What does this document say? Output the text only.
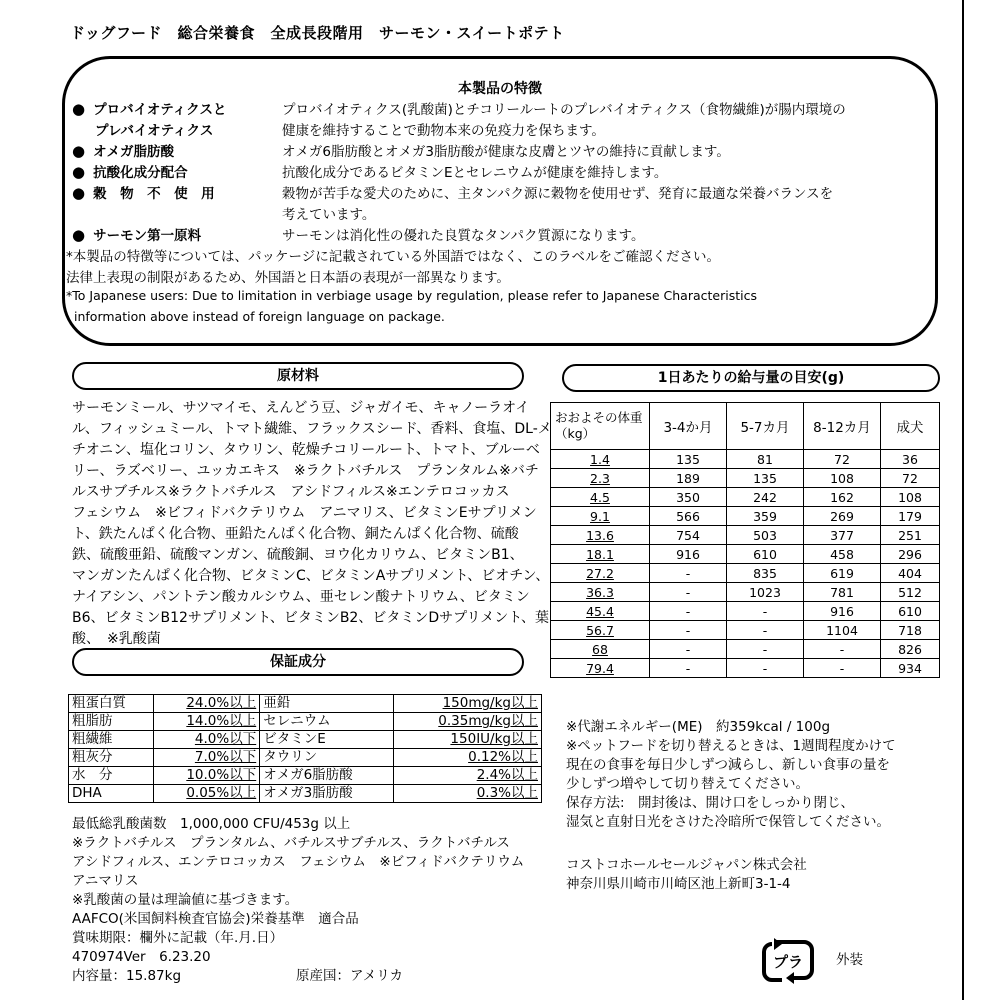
ドッグフード　総合栄養食　全成長段階用　サーモン・スイートポテト
本製品の特徴
● プロバイオティクスと	プロバイオティクス(乳酸菌)とチコリールートのプレバイオティクス（食物繊維)が腸内環境の
プレバイオティクス	健康を維持することで動物本来の免疫力を保ちます。
● オメガ脂肪酸	オメガ6脂肪酸とオメガ3脂肪酸が健康な皮膚とツヤの維持に貢献します。
● 抗酸化成分配合	抗酸化成分であるビタミンEとセレニウムが健康を維持します。
● 穀　物　不　使　用	穀物が苦手な愛犬のために、主タンパク源に穀物を使用せず、発育に最適な栄養バランスを
考えています。
● サーモン第一原料	サーモンは消化性の優れた良質なタンパク質源になります。
*本製品の特徴等については、パッケージに記載されている外国語ではなく、このラベルをご確認ください。
法律上表現の制限があるため、外国語と日本語の表現が一部異なります。
*To Japanese users: Due to limitation in verbiage usage by regulation, please refer to Japanese Characteristics
information above instead of foreign language on package.
原材料

サーモンミール、サツマイモ、えんどう豆、ジャガイモ、キャノーラオイ

ル、フィッシュミール、トマト繊維、フラックスシード、香料、食塩、DL-メ

チオニン、塩化コリン、タウリン、乾燥チコリールート、トマト、ブルーベ

リー、ラズベリー、ユッカエキス　※ラクトバチルス　プランタルム※バチ

ルスサブチルス※ラクトバチルス　アシドフィルス※エンテロコッカス

フェシウム　※ビフィドバクテリウム　アニマリス、ビタミンEサプリメン

ト、鉄たんぱく化合物、亜鉛たんぱく化合物、銅たんぱく化合物、硫酸

鉄、硫酸亜鉛、硫酸マンガン、硫酸銅、ヨウ化カリウム、ビタミンB1、

マンガンたんぱく化合物、ビタミンC、ビタミンAサプリメント、ビオチン、

ナイアシン、パントテン酸カルシウム、亜セレン酸ナトリウム、ビタミン

B6、ビタミンB12サプリメント、ビタミンB2、ビタミンDサプリメント、葉

酸、　※乳酸菌

保証成分
粗蛋白質	24.0%以上	亜鉛	150mg/kg以上
粗脂肪	14.0%以上	セレニウム	0.35mg/kg以上
粗繊維	4.0%以下	ビタミンE	150IU/kg以上
粗灰分	7.0%以下	タウリン	0.12%以上
水　分	10.0%以下	オメガ6脂肪酸	2.4%以上
DHA	0.05%以上	オメガ3脂肪酸	0.3%以上

最低総乳酸菌数　1,000,000 CFU/453g 以上

※ラクトバチルス　プランタルム、バチルスサブチルス、ラクトバチルス

アシドフィルス、エンテロコッカス　フェシウム　※ビフィドバクテリウム

アニマリス

※乳酸菌の量は理論値に基づきます。

AAFCO(米国飼料検査官協会)栄養基準　適合品

賞味期限：欄外に記載（年.月.日）

470974Ver　6.23.20

内容量：15.87kg	原産国：アメリカ
1日あたりの給与量の目安(g)
おおよその体重（kg）	3-4か月	5-7カ月	8-12カ月	成犬
1.4	135	81	72	36
2.3	189	135	108	72
4.5	350	242	162	108
9.1	566	359	269	179
13.6	754	503	377	251
18.1	916	610	458	296
27.2	-	835	619	404
36.3	-	1023	781	512
45.4	-	-	916	610
56.7	-	-	1104	718
68	-	-	-	826
79.4	-	-	-	934

※代謝エネルギー(ME)　約359kcal / 100g

※ペットフードを切り替えるときは、1週間程度かけて

現在の食事を毎日少しずつ減らし、新しい食事の量を

少しずつ増やして切り替えてください。

保存方法:　開封後は、開け口をしっかり閉じ、

湿気と直射日光をさけた冷暗所で保管してください。

コストコホールセールジャパン株式会社

神奈川県川崎市川崎区池上新町3-1-4

プラ 外装
